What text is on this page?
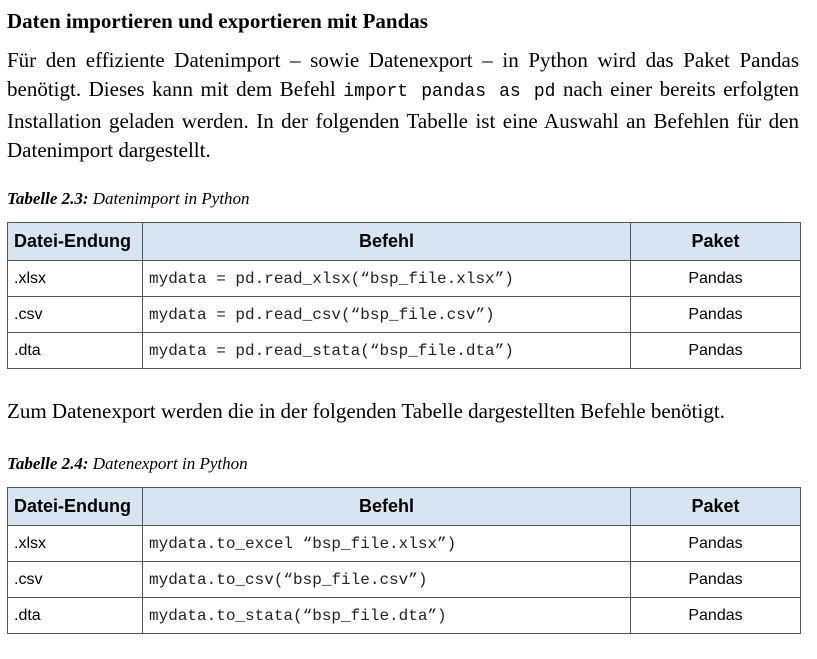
Daten importieren und exportieren mit Pandas

Für den effiziente Datenimport – sowie Datenexport – in Python wird das Paket Pandas benötigt. Dieses kann mit dem Befehl import pandas as pd nach einer bereits erfolgten Installation geladen werden. In der folgenden Tabelle ist eine Auswahl an Befehlen für den Datenimport dargestellt.

Tabelle 2.3: Datenimport in Python
Datei-Endung	Befehl	Paket
.xlsx	mydata = pd.read_xlsx(“bsp_file.xlsx”)	Pandas
.csv	mydata = pd.read_csv(“bsp_file.csv”)	Pandas
.dta	mydata = pd.read_stata(“bsp_file.dta”)	Pandas

Zum Datenexport werden die in der folgenden Tabelle dargestellten Befehle benötigt.

Tabelle 2.4: Datenexport in Python
Datei-Endung	Befehl	Paket
.xlsx	mydata.to_excel “bsp_file.xlsx”)	Pandas
.csv	mydata.to_csv(“bsp_file.csv”)	Pandas
.dta	mydata.to_stata(“bsp_file.dta”)	Pandas
